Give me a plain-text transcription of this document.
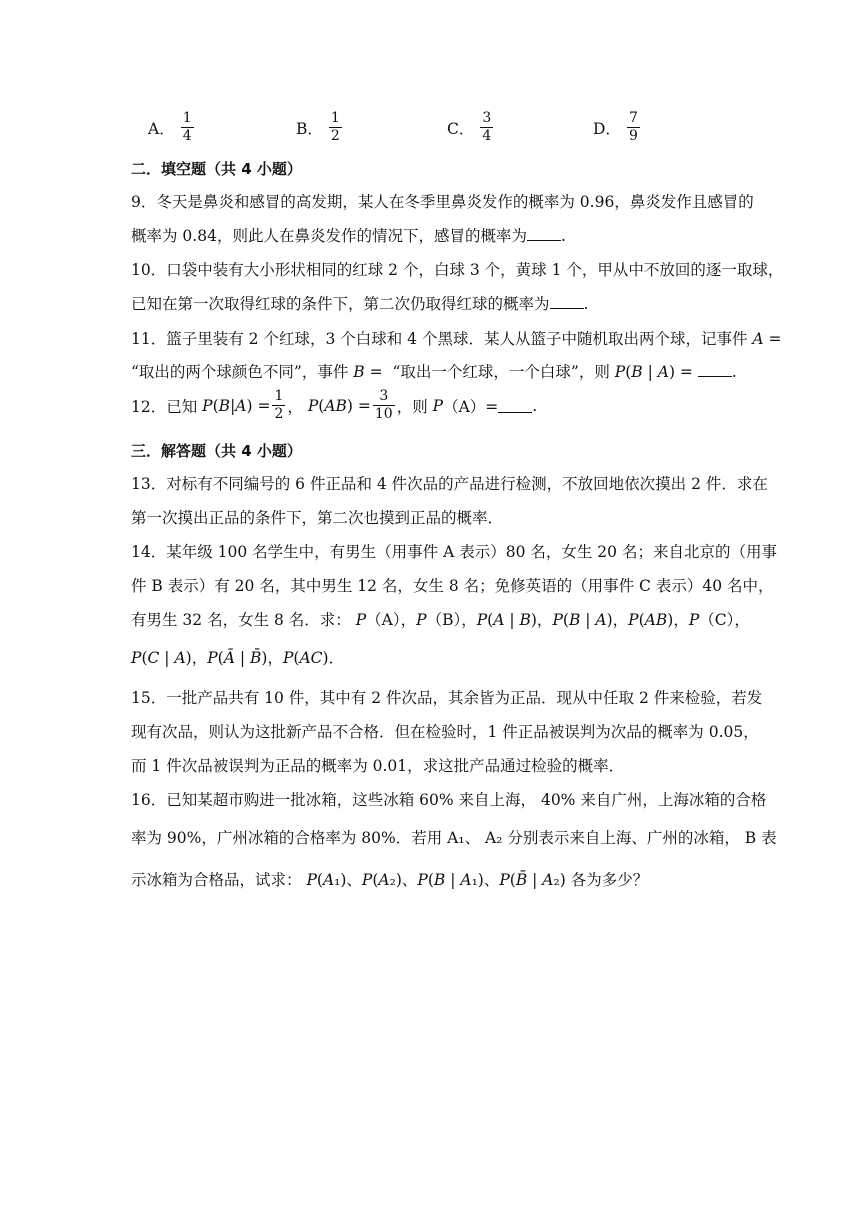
A． $\frac{1}{4}$	B． $\frac{1}{2}$	C． $\frac{3}{4}$	D． $\frac{7}{9}$
二．填空题（共 4 小题）
9．冬天是鼻炎和感冒的高发期，某人在冬季里鼻炎发作的概率为 0.96，鼻炎发作且感冒的
概率为 0.84，则此人在鼻炎发作的情况下，感冒的概率为 .
10．口袋中装有大小形状相同的红球 2 个，白球 3 个，黄球 1 个，甲从中不放回的逐一取球，
已知在第一次取得红球的条件下，第二次仍取得红球的概率为 .
11．篮子里装有 2 个红球，3 个白球和 4 个黑球．某人从篮子中随机取出两个球，记事件 A =
“取出的两个球颜色不同”，事件 B =  “取出一个红球，一个白球”，则 P(B | A) = .
12．已知
P ( B | A ) = $\frac{1}{2}$ ， P ( AB ) = $\frac{3}{10}$ ，则
P （A）= .
三．解答题（共 4 小题）
13．对标有不同编号的 6 件正品和 4 件次品的产品进行检测，不放回地依次摸出 2 件．求在
第一次摸出正品的条件下，第二次也摸到正品的概率．
14．某年级 100 名学生中，有男生（用事件 A 表示）80 名，女生 20 名；来自北京的（用事
件 B 表示）有 20 名，其中男生 12 名，女生 8 名；免修英语的（用事件 C 表示）40 名中，
有男生 32 名，女生 8 名．求： P（A），P（B），P(A | B)，P(B | A)，P(AB)，P（C），
P(C | A)，P(Ā | B̄)，P(AC)．
15．一批产品共有 10 件，其中有 2 件次品，其余皆为正品．现从中任取 2 件来检验，若发
现有次品，则认为这批新产品不合格．但在检验时，1 件正品被误判为次品的概率为 0.05，
而 1 件次品被误判为正品的概率为 0.01，求这批产品通过检验的概率．
16．已知某超市购进一批冰箱，这些冰箱 60% 来自上海， 40% 来自广州，上海冰箱的合格
率为 90%，广州冰箱的合格率为 80%．若用 A₁、 A₂ 分别表示来自上海、广州的冰箱， B 表
示冰箱为合格品，试求： P(A₁)、P(A₂)、P(B | A₁)、P(B̄ | A₂) 各为多少？
